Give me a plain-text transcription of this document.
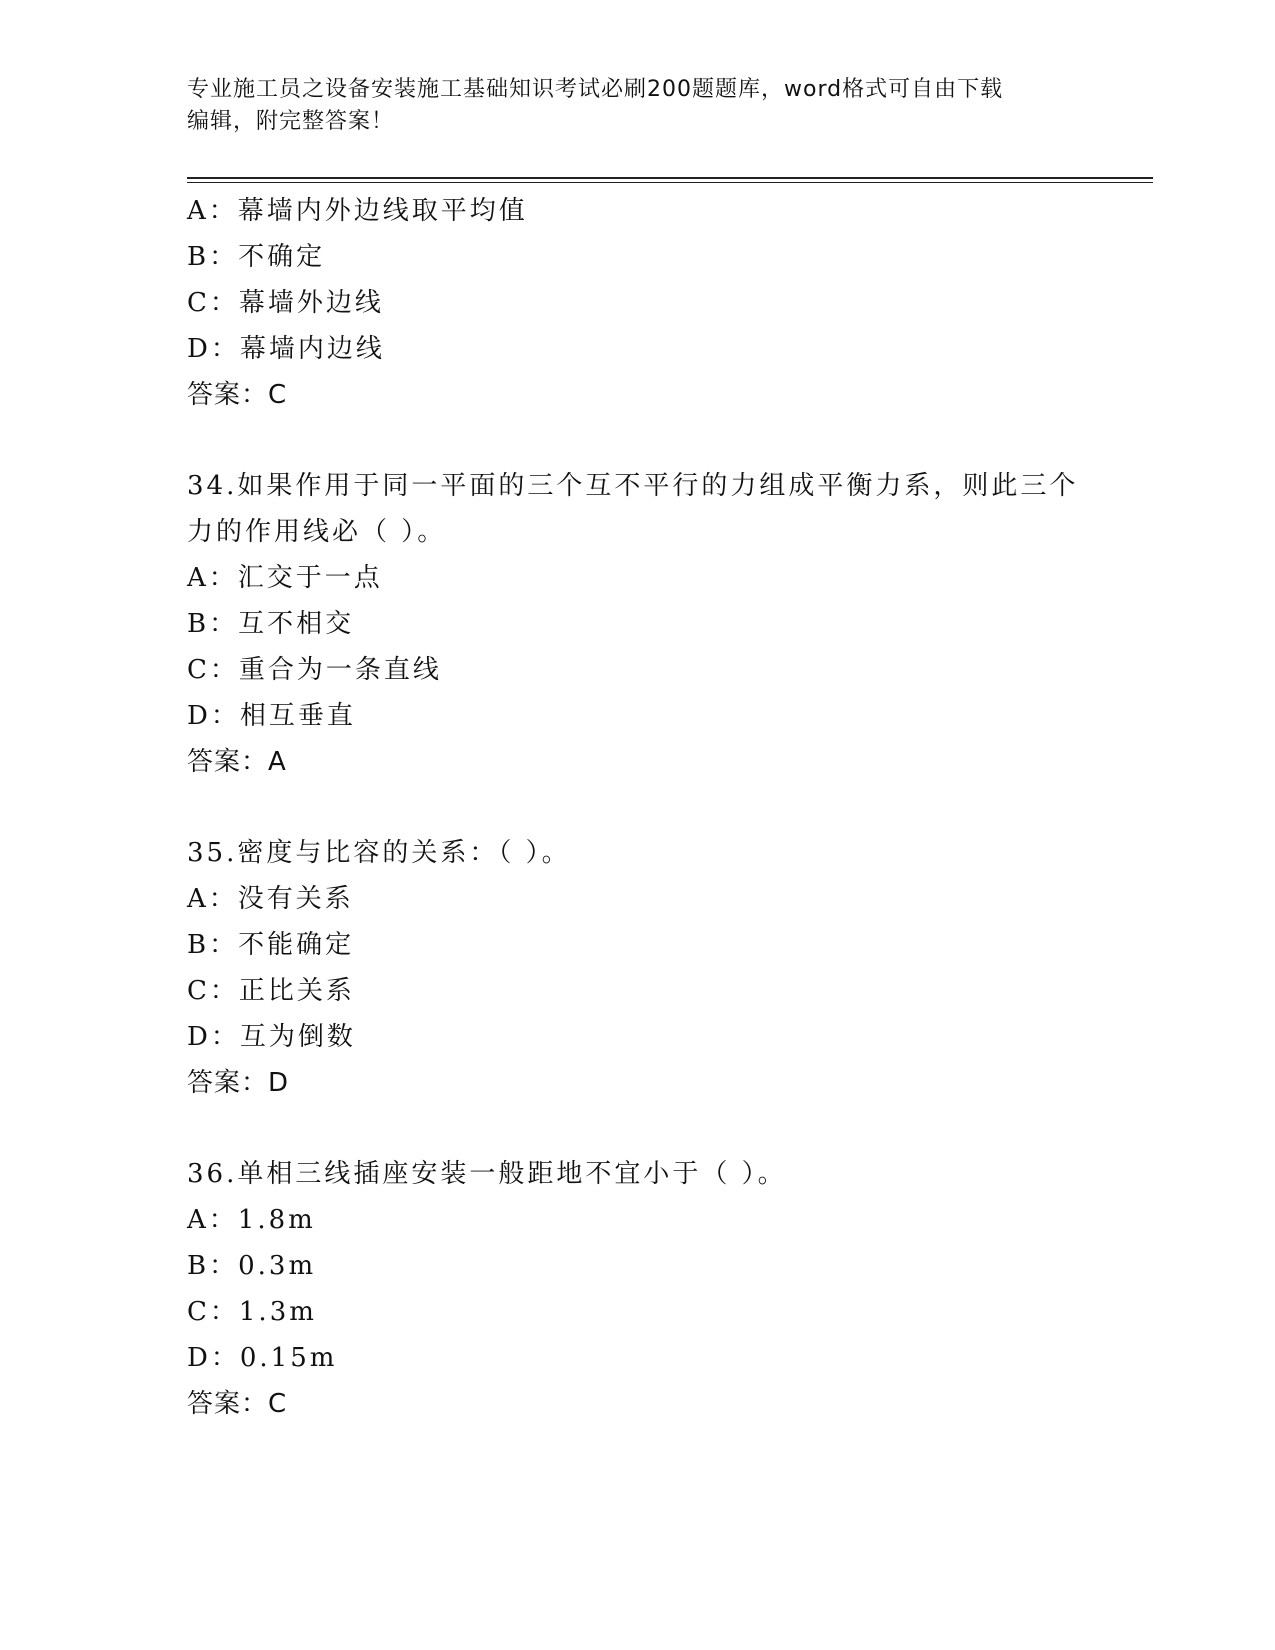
专业施工员之设备安装施工基础知识考试必刷200题题库，word格式可自由下载
编辑，附完整答案！
A：幕墙内外边线取平均值
B：不确定
C：幕墙外边线
D：幕墙内边线
答案：C
34.如果作用于同一平面的三个互不平行的力组成平衡力系，则此三个
力的作用线必（ ）。
A：汇交于一点
B：互不相交
C：重合为一条直线
D：相互垂直
答案：A
35.密度与比容的关系：（ ）。
A：没有关系
B：不能确定
C：正比关系
D：互为倒数
答案：D
36.单相三线插座安装一般距地不宜小于（ ）。
A：1.8m
B：0.3m
C：1.3m
D：0.15m
答案：C
